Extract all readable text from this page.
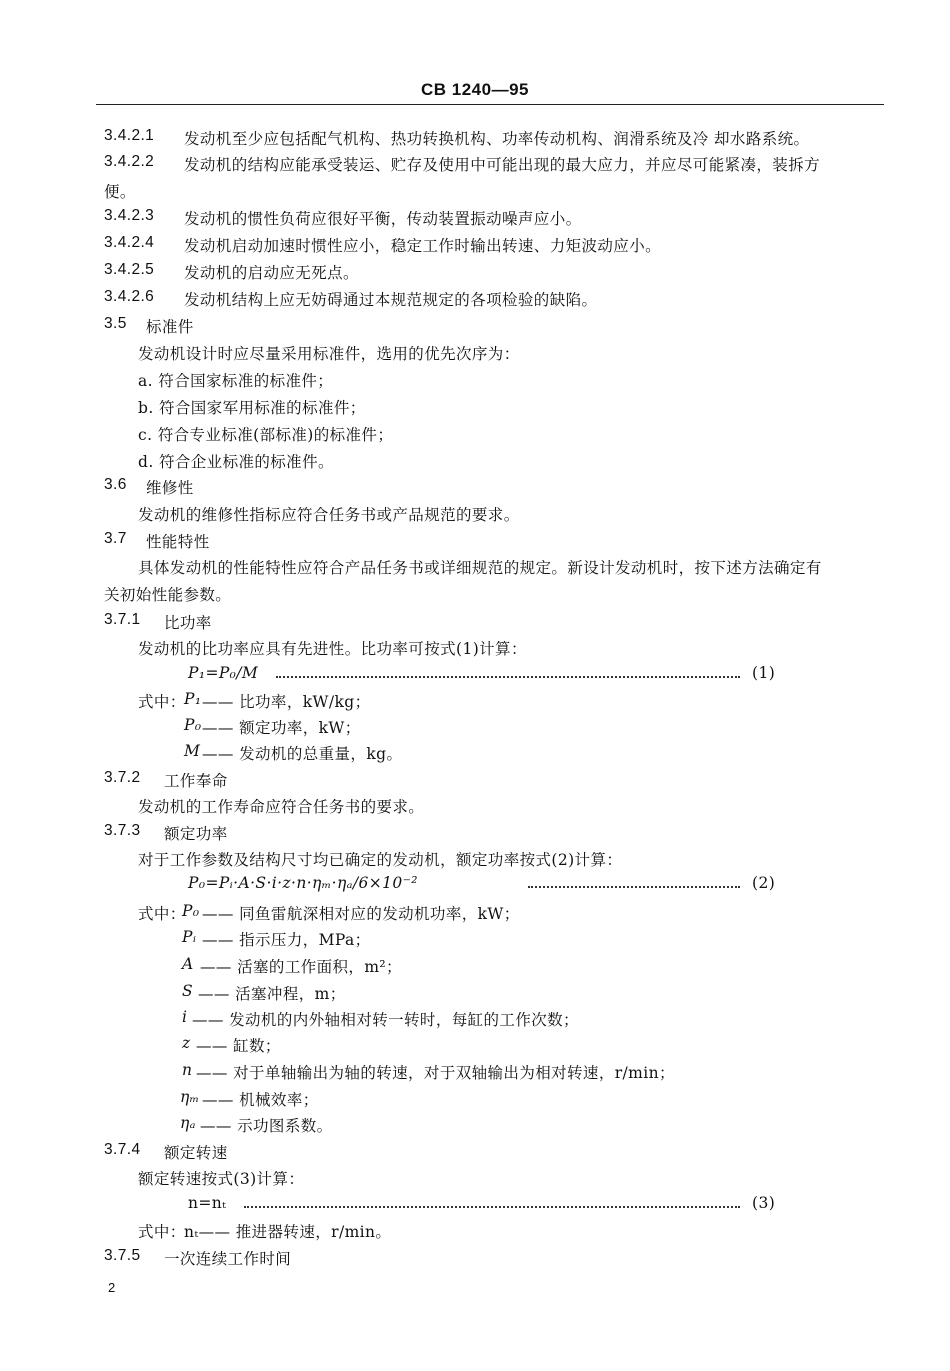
CB 1240—95
3.4.2.1 发动机至少应包括配气机构、热功转换机构、功率传动机构、润滑系统及冷 却水路系统。
3.4.2.2 发动机的结构应能承受装运、贮存及使用中可能出现的最大应力，并应尽可能紧凑，装拆方
便。
3.4.2.3 发动机的惯性负荷应很好平衡，传动装置振动噪声应小。
3.4.2.4 发动机启动加速时惯性应小，稳定工作时输出转速、力矩波动应小。
3.4.2.5 发动机的启动应无死点。
3.4.2.6 发动机结构上应无妨碍通过本规范规定的各项检验的缺陷。
3.5 标准件
发动机设计时应尽量采用标准件，选用的优先次序为：
a. 符合国家标准的标准件；
b. 符合国家军用标准的标准件；
c. 符合专业标准(部标准)的标准件；
d. 符合企业标准的标准件。
3.6 维修性
发动机的维修性指标应符合任务书或产品规范的要求。
3.7 性能特性
具体发动机的性能特性应符合产品任务书或详细规范的规定。新设计发动机时，按下述方法确定有
关初始性能参数。
3.7.1 比功率
发动机的比功率应具有先进性。比功率可按式(1)计算：
P₁=P₀/M	(1)
式中：
P₁ —— 比功率，kW/kg；
P₀ —— 额定功率，kW；
M —— 发动机的总重量，kg。
3.7.2 工作奉命
发动机的工作寿命应符合任务书的要求。
3.7.3 额定功率
对于工作参数及结构尺寸均已确定的发动机，额定功率按式(2)计算：
P₀=Pᵢ·A·S·i·z·n·ηₘ·ηₐ/6×10⁻²	(2)
式中：
P₀ —— 同鱼雷航深相对应的发动机功率，kW；
Pᵢ —— 指示压力，MPa；
A —— 活塞的工作面积，m²；
S —— 活塞冲程，m；
i —— 发动机的内外轴相对转一转时，每缸的工作次数；
z —— 缸数；
n —— 对于单轴输出为轴的转速，对于双轴输出为相对转速，r/min；
ηₘ —— 机械效率；
ηₐ —— 示功图系数。
3.7.4 额定转速
额定转速按式(3)计算：
n=nₜ	(3)
式中：
nₜ—— 推进器转速，r/min。
3.7.5 一次连续工作时间
2
